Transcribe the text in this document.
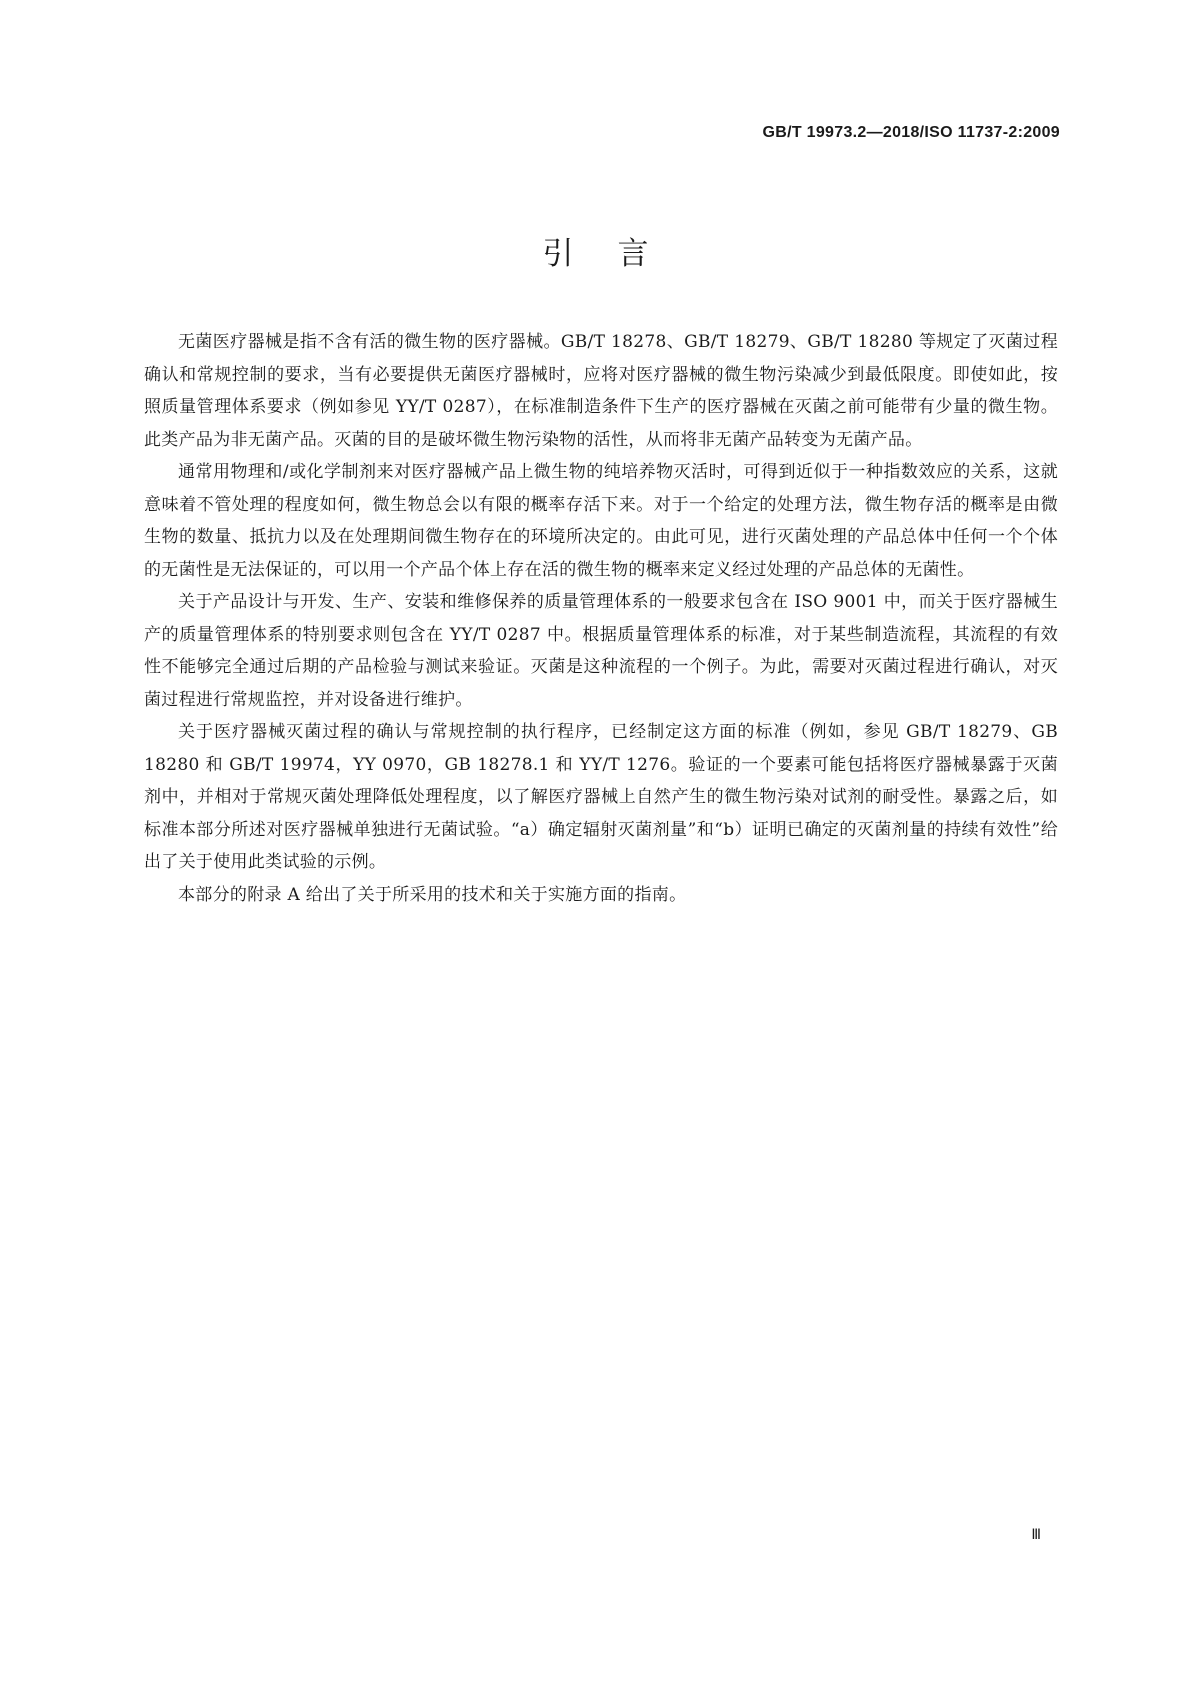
GB/T 19973.2—2018/ISO 11737-2:2009
引言

无菌医疗器械是指不含有活的微生物的医疗器械。GB/T 18278、GB/T 18279、GB/T 18280 等规定了灭菌过程确认和常规控制的要求，当有必要提供无菌医疗器械时，应将对医疗器械的微生物污染减少到最低限度。即使如此，按照质量管理体系要求（例如参见 YY/T 0287），在标准制造条件下生产的医疗器械在灭菌之前可能带有少量的微生物。此类产品为非无菌产品。灭菌的目的是破坏微生物污染物的活性，从而将非无菌产品转变为无菌产品。

通常用物理和/或化学制剂来对医疗器械产品上微生物的纯培养物灭活时，可得到近似于一种指数效应的关系，这就意味着不管处理的程度如何，微生物总会以有限的概率存活下来。对于一个给定的处理方法，微生物存活的概率是由微生物的数量、抵抗力以及在处理期间微生物存在的环境所决定的。由此可见，进行灭菌处理的产品总体中任何一个个体的无菌性是无法保证的，可以用一个产品个体上存在活的微生物的概率来定义经过处理的产品总体的无菌性。

关于产品设计与开发、生产、安装和维修保养的质量管理体系的一般要求包含在 ISO 9001 中，而关于医疗器械生产的质量管理体系的特别要求则包含在 YY/T 0287 中。根据质量管理体系的标准，对于某些制造流程，其流程的有效性不能够完全通过后期的产品检验与测试来验证。灭菌是这种流程的一个例子。为此，需要对灭菌过程进行确认，对灭菌过程进行常规监控，并对设备进行维护。

关于医疗器械灭菌过程的确认与常规控制的执行程序，已经制定这方面的标准（例如，参见 GB/T 18279、GB 18280 和 GB/T 19974，YY 0970，GB 18278.1 和 YY/T 1276。验证的一个要素可能包括将医疗器械暴露于灭菌剂中，并相对于常规灭菌处理降低处理程度，以了解医疗器械上自然产生的微生物污染对试剂的耐受性。暴露之后，如标准本部分所述对医疗器械单独进行无菌试验。“a）确定辐射灭菌剂量”和“b）证明已确定的灭菌剂量的持续有效性”给出了关于使用此类试验的示例。

本部分的附录 A 给出了关于所采用的技术和关于实施方面的指南。

Ⅲ
